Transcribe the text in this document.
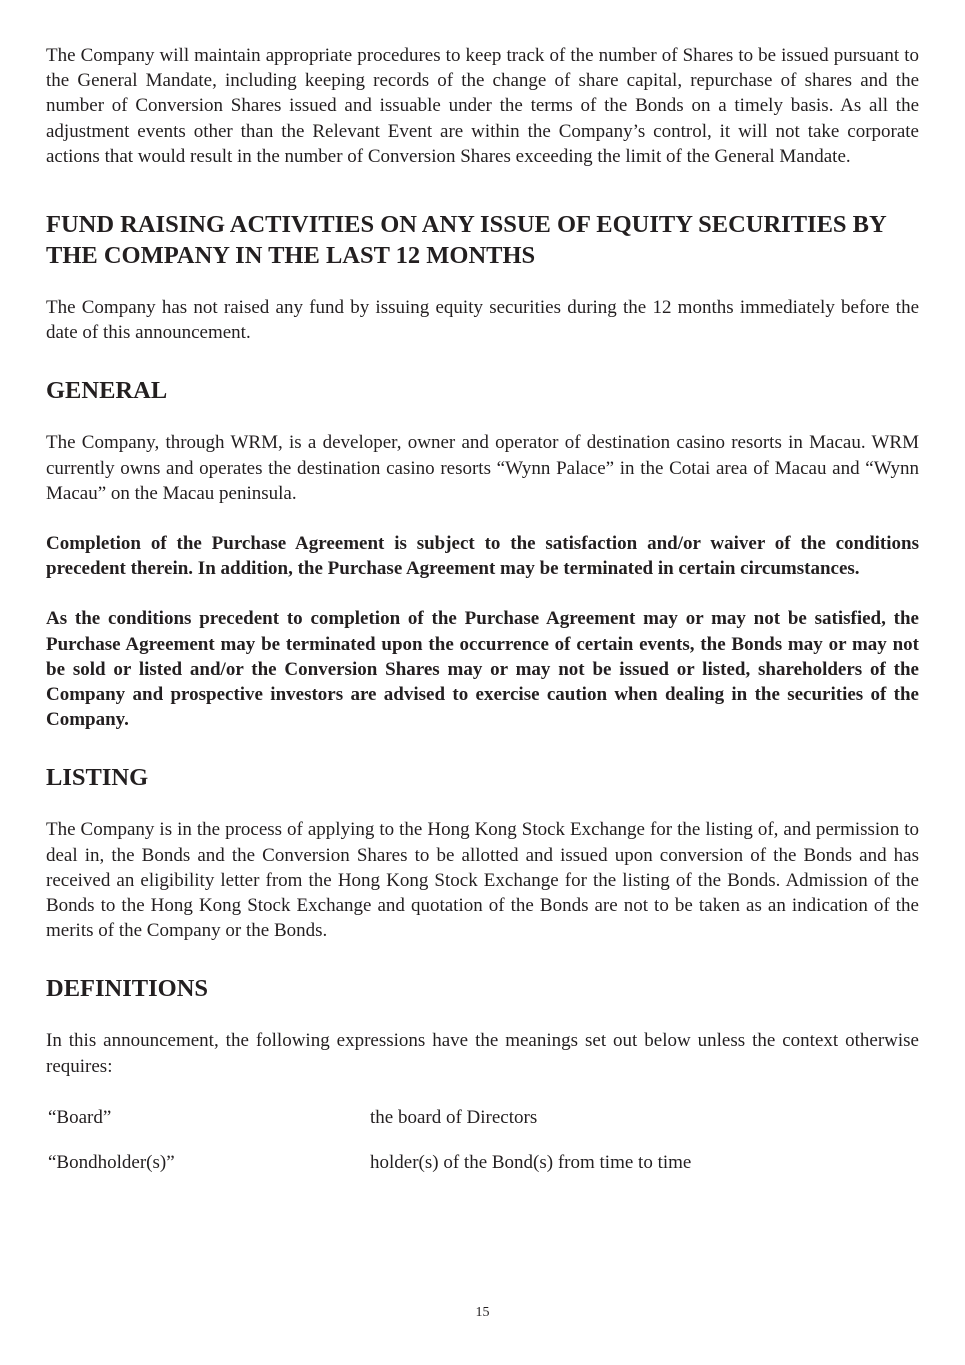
The Company will maintain appropriate procedures to keep track of the number of Shares to be issued pursuant to the General Mandate, including keeping records of the change of share capital, repurchase of shares and the number of Conversion Shares issued and issuable under the terms of the Bonds on a timely basis. As all the adjustment events other than the Relevant Event are within the Company’s control, it will not take corporate actions that would result in the number of Conversion Shares exceeding the limit of the General Mandate.

FUND RAISING ACTIVITIES ON ANY ISSUE OF EQUITY SECURITIES BY THE COMPANY IN THE LAST 12 MONTHS

The Company has not raised any fund by issuing equity securities during the 12 months immediately before the date of this announcement.

GENERAL

The Company, through WRM, is a developer, owner and operator of destination casino resorts in Macau. WRM currently owns and operates the destination casino resorts “Wynn Palace” in the Cotai area of Macau and “Wynn Macau” on the Macau peninsula.

Completion of the Purchase Agreement is subject to the satisfaction and/or waiver of the conditions precedent therein. In addition, the Purchase Agreement may be terminated in certain circumstances.

As the conditions precedent to completion of the Purchase Agreement may or may not be satisfied, the Purchase Agreement may be terminated upon the occurrence of certain events, the Bonds may or may not be sold or listed and/or the Conversion Shares may or may not be issued or listed, shareholders of the Company and prospective investors are advised to exercise caution when dealing in the securities of the Company.

LISTING

The Company is in the process of applying to the Hong Kong Stock Exchange for the listing of, and permission to deal in, the Bonds and the Conversion Shares to be allotted and issued upon conversion of the Bonds and has received an eligibility letter from the Hong Kong Stock Exchange for the listing of the Bonds. Admission of the Bonds to the Hong Kong Stock Exchange and quotation of the Bonds are not to be taken as an indication of the merits of the Company or the Bonds.

DEFINITIONS

In this announcement, the following expressions have the meanings set out below unless the context otherwise requires:

“Board”	the board of Directors
“Bondholder(s)”	holder(s) of the Bond(s) from time to time
15
